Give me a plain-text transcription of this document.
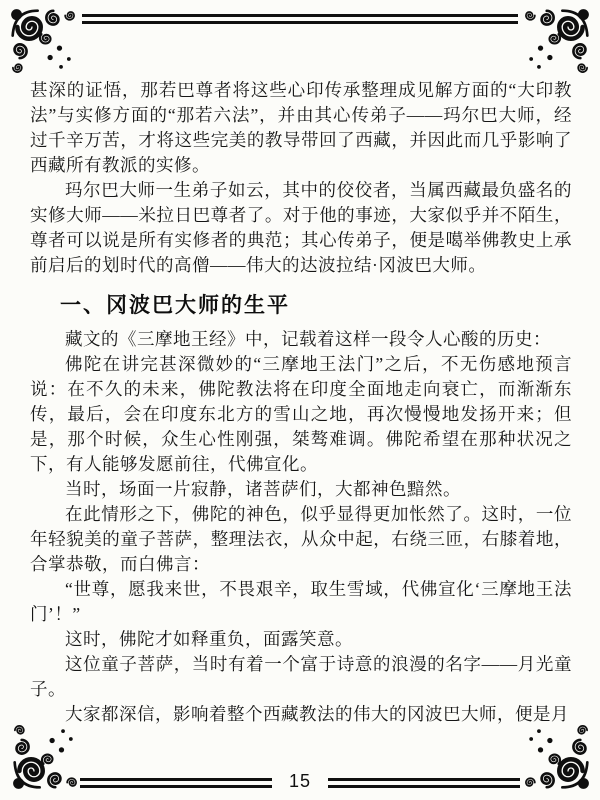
甚深的证悟，那若巴尊者将这些心印传承整理成见解方面的“大印教法”与实修方面的“那若六法”，并由其心传弟子——玛尔巴大师，经过千辛万苦，才将这些完美的教导带回了西藏，并因此而几乎影响了西藏所有教派的实修。

玛尔巴大师一生弟子如云，其中的佼佼者，当属西藏最负盛名的实修大师——米拉日巴尊者了。对于他的事迹，大家似乎并不陌生，尊者可以说是所有实修者的典范；其心传弟子，便是噶举佛教史上承前启后的划时代的高僧——伟大的达波拉结·冈波巴大师。

一、冈波巴大师的生平

藏文的《三摩地王经》中，记载着这样一段令人心酸的历史：

佛陀在讲完甚深微妙的“三摩地王法门”之后，不无伤感地预言说：在不久的未来，佛陀教法将在印度全面地走向衰亡，而渐渐东传，最后，会在印度东北方的雪山之地，再次慢慢地发扬开来；但是，那个时候，众生心性刚强，桀骜难调。佛陀希望在那种状况之下，有人能够发愿前往，代佛宣化。

当时，场面一片寂静，诸菩萨们，大都神色黯然。

在此情形之下，佛陀的神色，似乎显得更加怅然了。这时，一位年轻貌美的童子菩萨，整理法衣，从众中起，右绕三匝，右膝着地，合掌恭敬，而白佛言：

“世尊，愿我来世，不畏艰辛，取生雪域，代佛宣化‘三摩地王法门’！”

这时，佛陀才如释重负，面露笑意。

这位童子菩萨，当时有着一个富于诗意的浪漫的名字——月光童子。

大家都深信，影响着整个西藏教法的伟大的冈波巴大师，便是月

15
